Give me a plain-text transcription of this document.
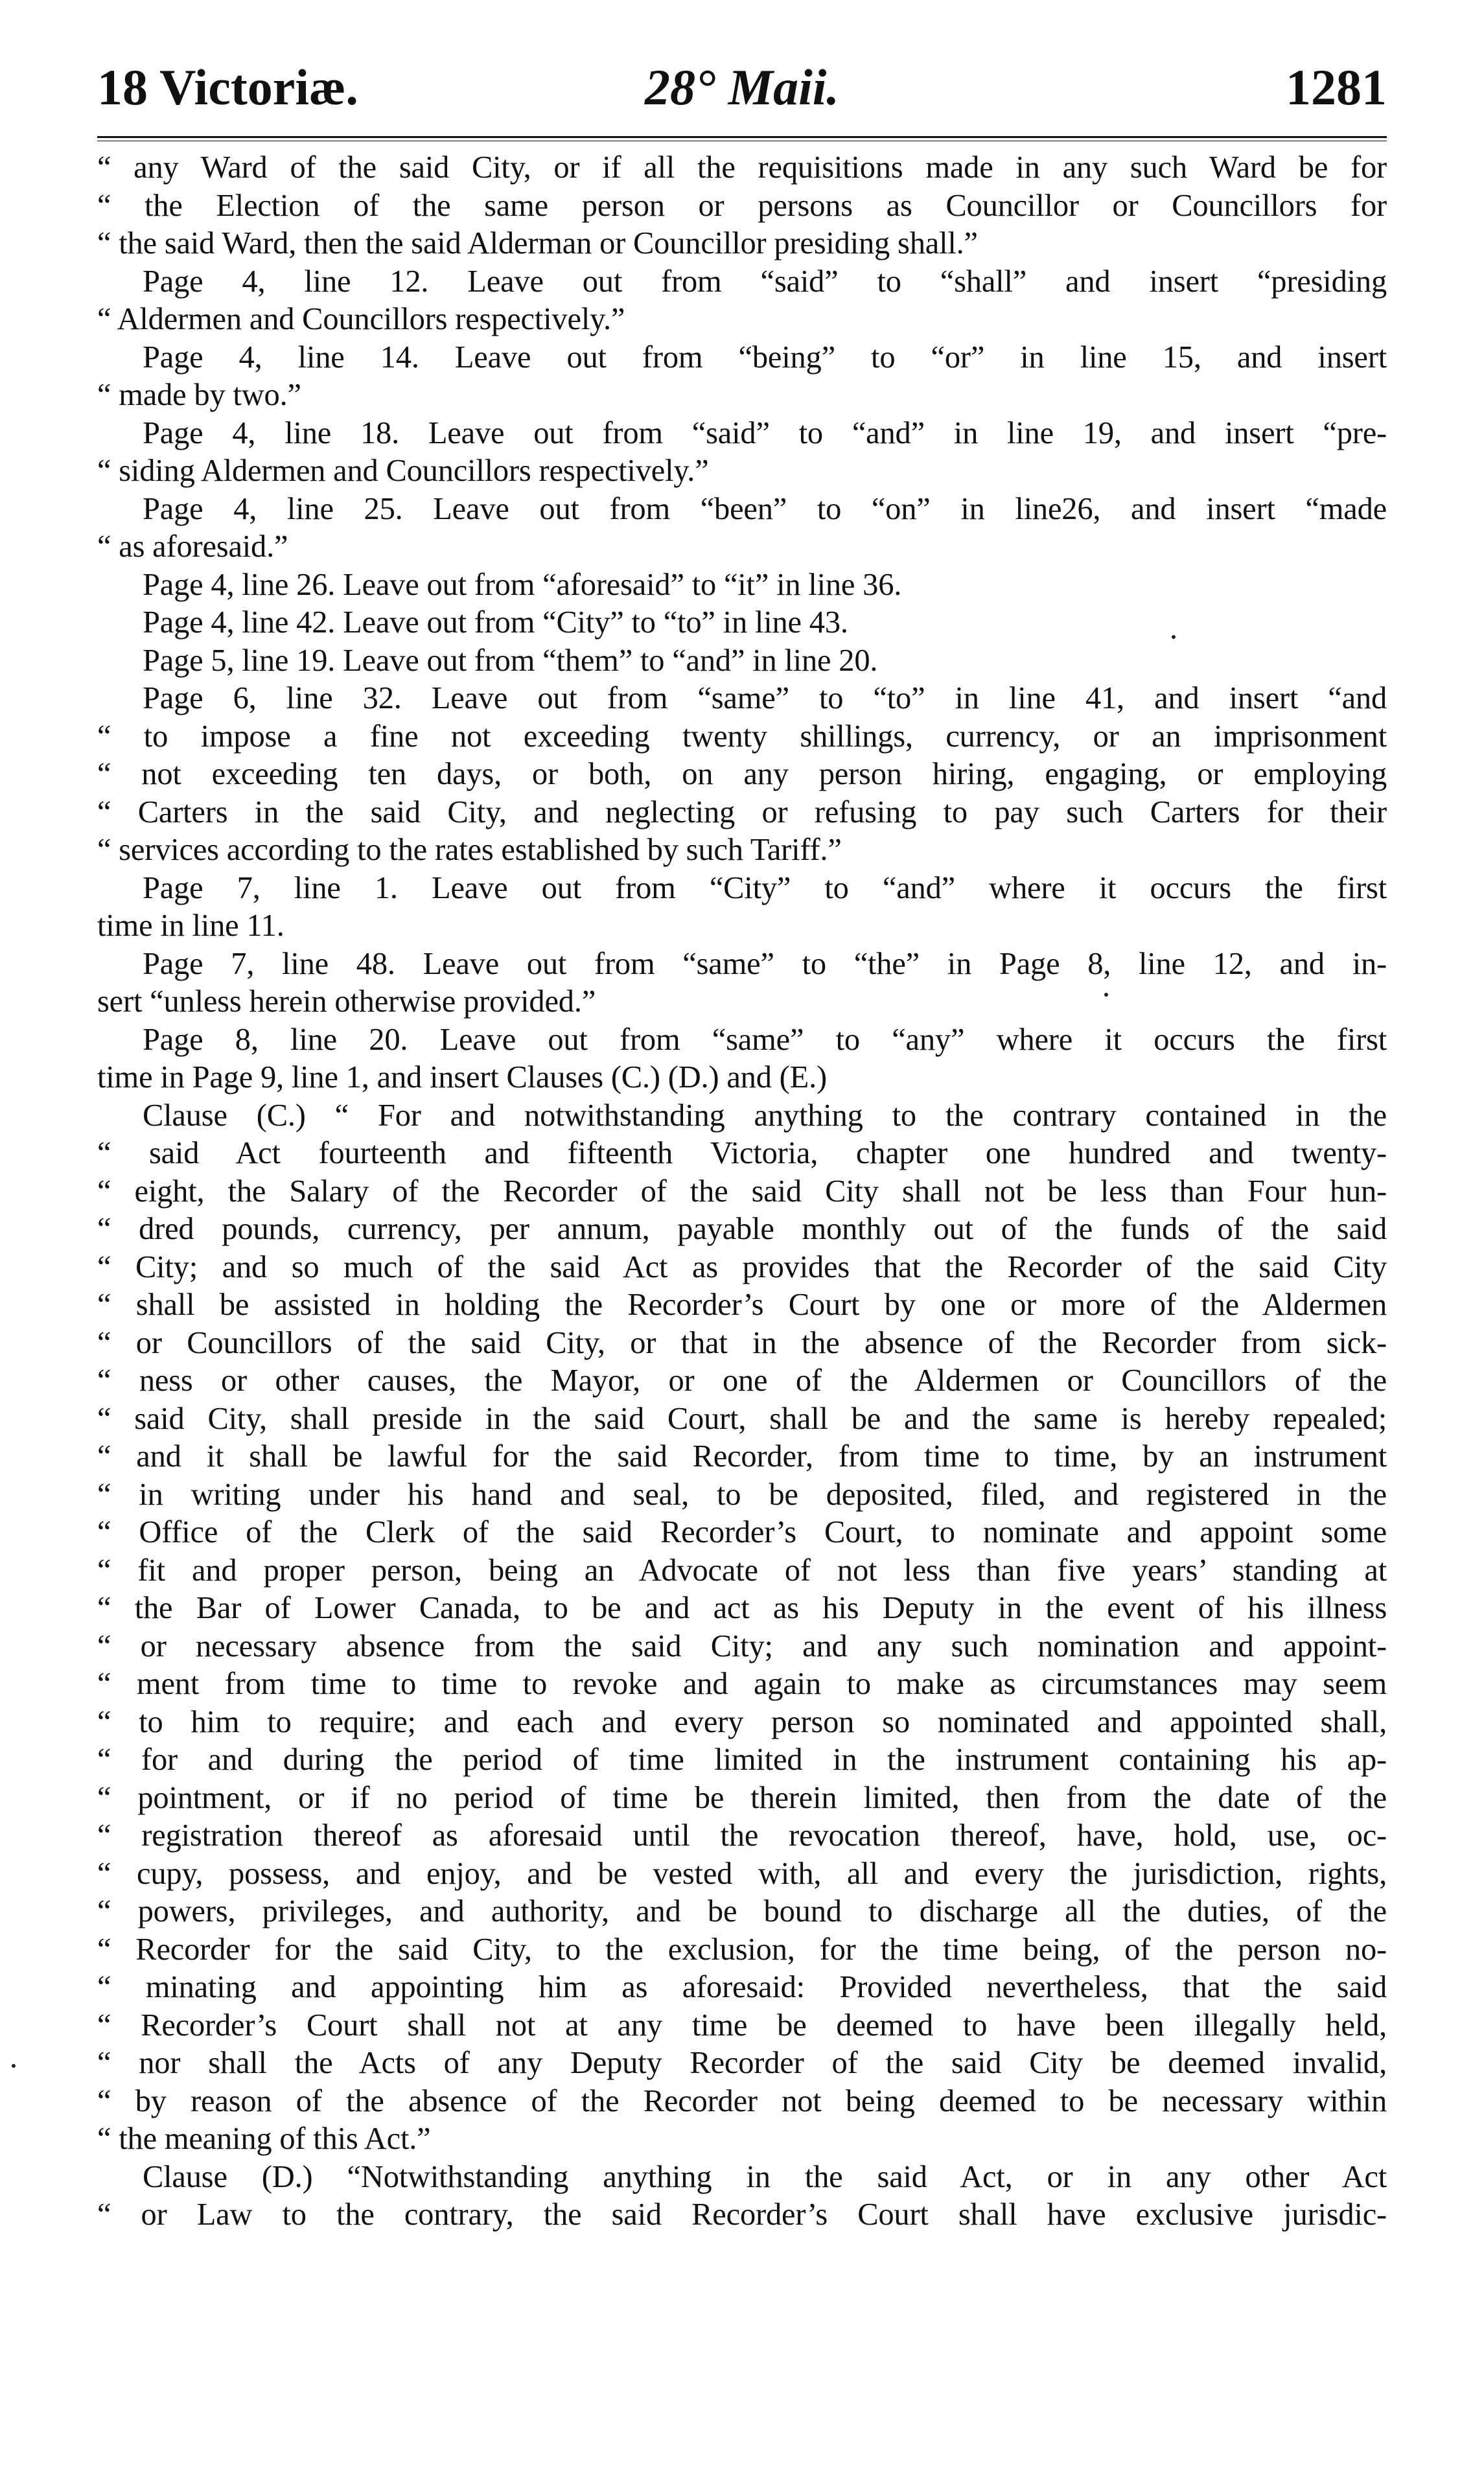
18 Victoriæ.	28° Maii.	1281
“ any Ward of the said City, or if all the requisitions made in any such Ward be for
“ the Election of the same person or persons as Councillor or Councillors for
“ the said Ward, then the said Alderman or Councillor presiding shall.”
Page 4, line 12. Leave out from “said” to “shall” and insert “presiding
“ Aldermen and Councillors respectively.”
Page 4, line 14. Leave out from “being” to “or” in line 15, and insert
“ made by two.”
Page 4, line 18. Leave out from “said” to “and” in line 19, and insert “pre-
“ siding Aldermen and Councillors respectively.”
Page 4, line 25. Leave out from “been” to “on” in line26, and insert “made
“ as aforesaid.”
Page 4, line 26. Leave out from “aforesaid” to “it” in line 36.
Page 4, line 42. Leave out from “City” to “to” in line 43.
Page 5, line 19. Leave out from “them” to “and” in line 20.
Page 6, line 32. Leave out from “same” to “to” in line 41, and insert “and
“ to impose a fine not exceeding twenty shillings, currency, or an imprisonment
“ not exceeding ten days, or both, on any person hiring, engaging, or employing
“ Carters in the said City, and neglecting or refusing to pay such Carters for their
“ services according to the rates established by such Tariff.”
Page 7, line 1. Leave out from “City” to “and” where it occurs the first
time in line 11.
Page 7, line 48. Leave out from “same” to “the” in Page 8, line 12, and in-
sert “unless herein otherwise provided.”
Page 8, line 20. Leave out from “same” to “any” where it occurs the first
time in Page 9, line 1, and insert Clauses (C.) (D.) and (E.)
Clause (C.) “ For and notwithstanding anything to the contrary contained in the
“ said Act fourteenth and fifteenth Victoria, chapter one hundred and twenty-
“ eight, the Salary of the Recorder of the said City shall not be less than Four hun-
“ dred pounds, currency, per annum, payable monthly out of the funds of the said
“ City; and so much of the said Act as provides that the Recorder of the said City
“ shall be assisted in holding the Recorder’s Court by one or more of the Aldermen
“ or Councillors of the said City, or that in the absence of the Recorder from sick-
“ ness or other causes, the Mayor, or one of the Aldermen or Councillors of the
“ said City, shall preside in the said Court, shall be and the same is hereby repealed;
“ and it shall be lawful for the said Recorder, from time to time, by an instrument
“ in writing under his hand and seal, to be deposited, filed, and registered in the
“ Office of the Clerk of the said Recorder’s Court, to nominate and appoint some
“ fit and proper person, being an Advocate of not less than five years’ standing at
“ the Bar of Lower Canada, to be and act as his Deputy in the event of his illness
“ or necessary absence from the said City; and any such nomination and appoint-
“ ment from time to time to revoke and again to make as circumstances may seem
“ to him to require; and each and every person so nominated and appointed shall,
“ for and during the period of time limited in the instrument containing his ap-
“ pointment, or if no period of time be therein limited, then from the date of the
“ registration thereof as aforesaid until the revocation thereof, have, hold, use, oc-
“ cupy, possess, and enjoy, and be vested with, all and every the jurisdiction, rights,
“ powers, privileges, and authority, and be bound to discharge all the duties, of the
“ Recorder for the said City, to the exclusion, for the time being, of the person no-
“ minating and appointing him as aforesaid: Provided nevertheless, that the said
“ Recorder’s Court shall not at any time be deemed to have been illegally held,
“ nor shall the Acts of any Deputy Recorder of the said City be deemed invalid,
“ by reason of the absence of the Recorder not being deemed to be necessary within
“ the meaning of this Act.”
Clause (D.) “Notwithstanding anything in the said Act, or in any other Act
“ or Law to the contrary, the said Recorder’s Court shall have exclusive jurisdic-
